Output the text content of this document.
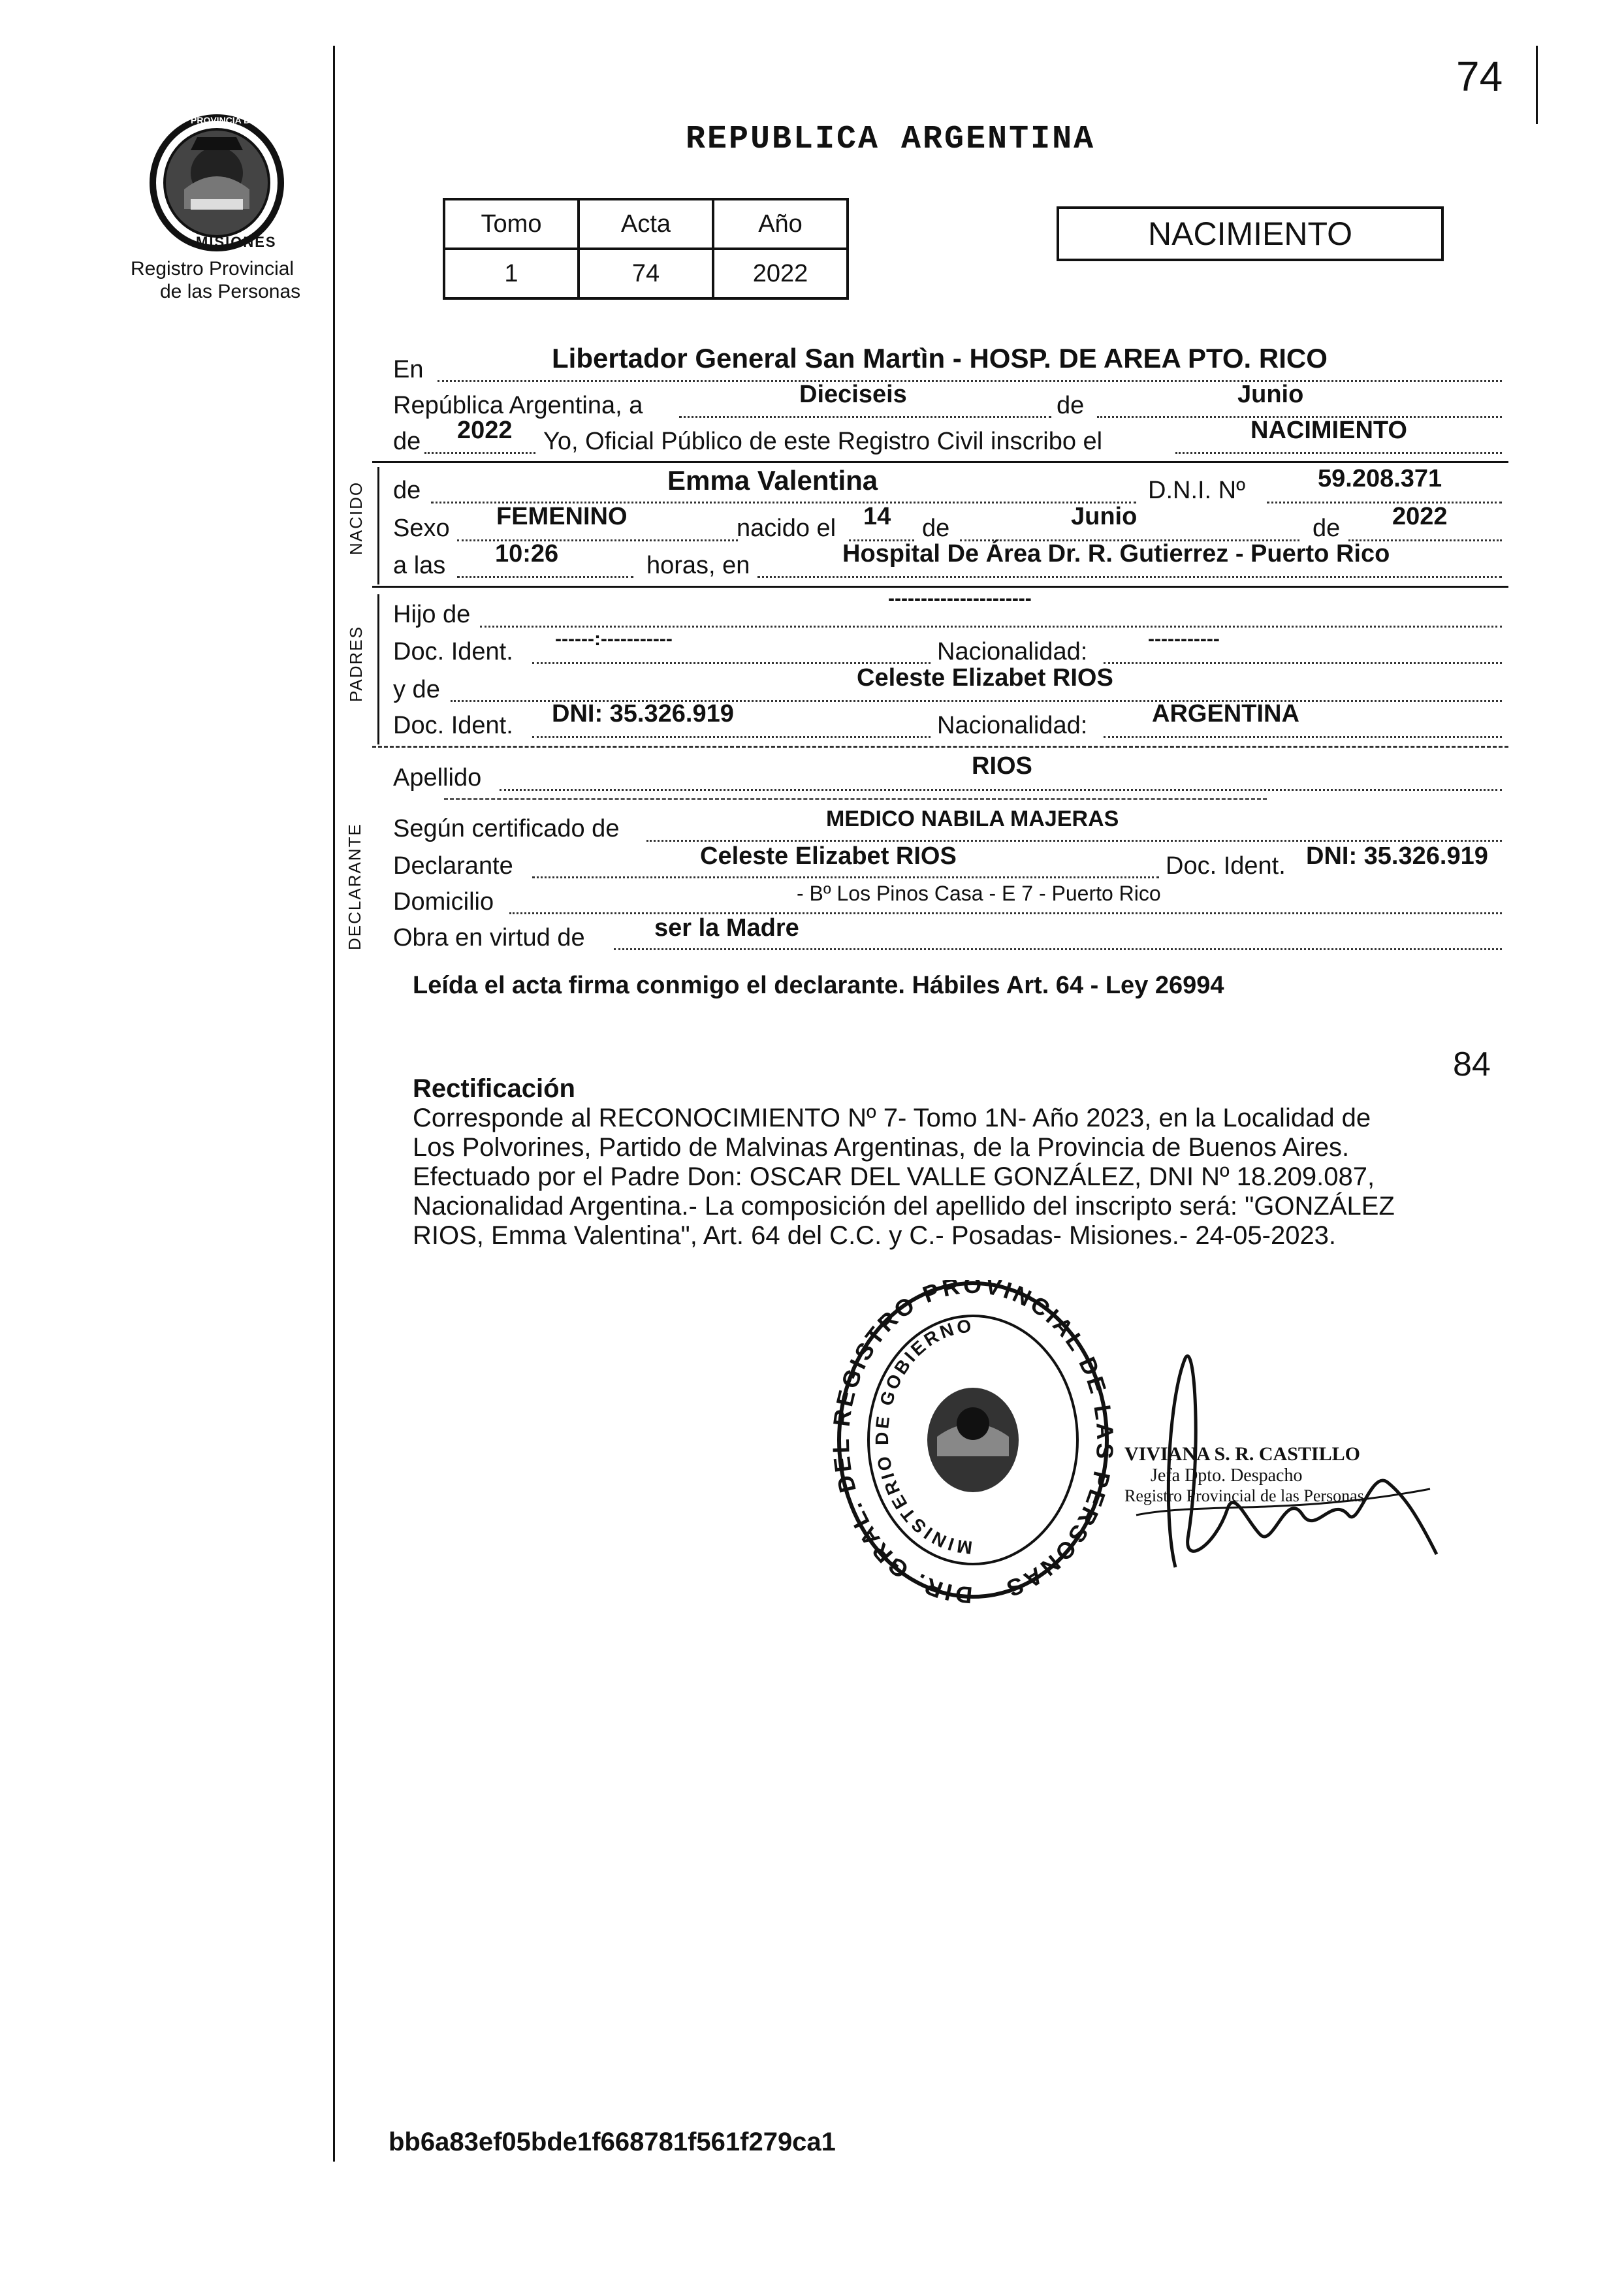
74
PROVINCIA DE
MISIONES
Registro Provincial
de las Personas
REPUBLICA ARGENTINA
Tomo	Acta	Año
1	74	2022
NACIMIENTO
En	Libertador General San Martìn - HOSP. DE AREA PTO. RICO
República Argentina, a	Dieciseis	de	Junio
de 2022 Yo, Oficial Público de este Registro Civil inscribo el	NACIMIENTO
NACIDO de	Emma Valentina	D.N.I. Nº	59.208.371
Sexo FEMENINO	nacido el 14 de	Junio	de 2022
a las 10:26	horas, en	Hospital De Área Dr. R. Gutierrez - Puerto Rico
PADRES
Hijo de
----------------------
Doc. Ident. ------:-----------	Nacionalidad:	-----------
y de	Celeste Elizabet RIOS
Doc. Ident. DNI: 35.326.919	Nacionalidad:	ARGENTINA
Apellido	RIOS
DECLARANTE Según certificado de	MEDICO NABILA MAJERAS
Declarante	Celeste Elizabet RIOS	Doc. Ident. DNI: 35.326.919
Domicilio	- Bº Los Pinos Casa - E 7 - Puerto Rico
Obra en virtud de	ser la Madre
Leída el acta firma conmigo el declarante. Hábiles Art. 64 - Ley 26994
84
Rectificación
Corresponde al RECONOCIMIENTO Nº 7- Tomo 1N- Año 2023, en la Localidad de
Los Polvorines, Partido de Malvinas Argentinas, de la Provincia de Buenos Aires.
Efectuado por el Padre Don: OSCAR DEL VALLE GONZÁLEZ, DNI Nº 18.209.087,
Nacionalidad Argentina.- La composición del apellido del inscripto será: "GONZÁLEZ
RIOS, Emma Valentina", Art. 64 del C.C. y C.- Posadas- Misiones.- 24-05-2023.
DIR. GRAL. DEL REGISTRO PROVINCIAL DE LAS PERSONAS
MINISTERIO DE GOBIERNO
VIVIANA S. R. CASTILLO
Jefa Dpto. Despacho
Registro Provincial de las Personas
bb6a83ef05bde1f668781f561f279ca1
